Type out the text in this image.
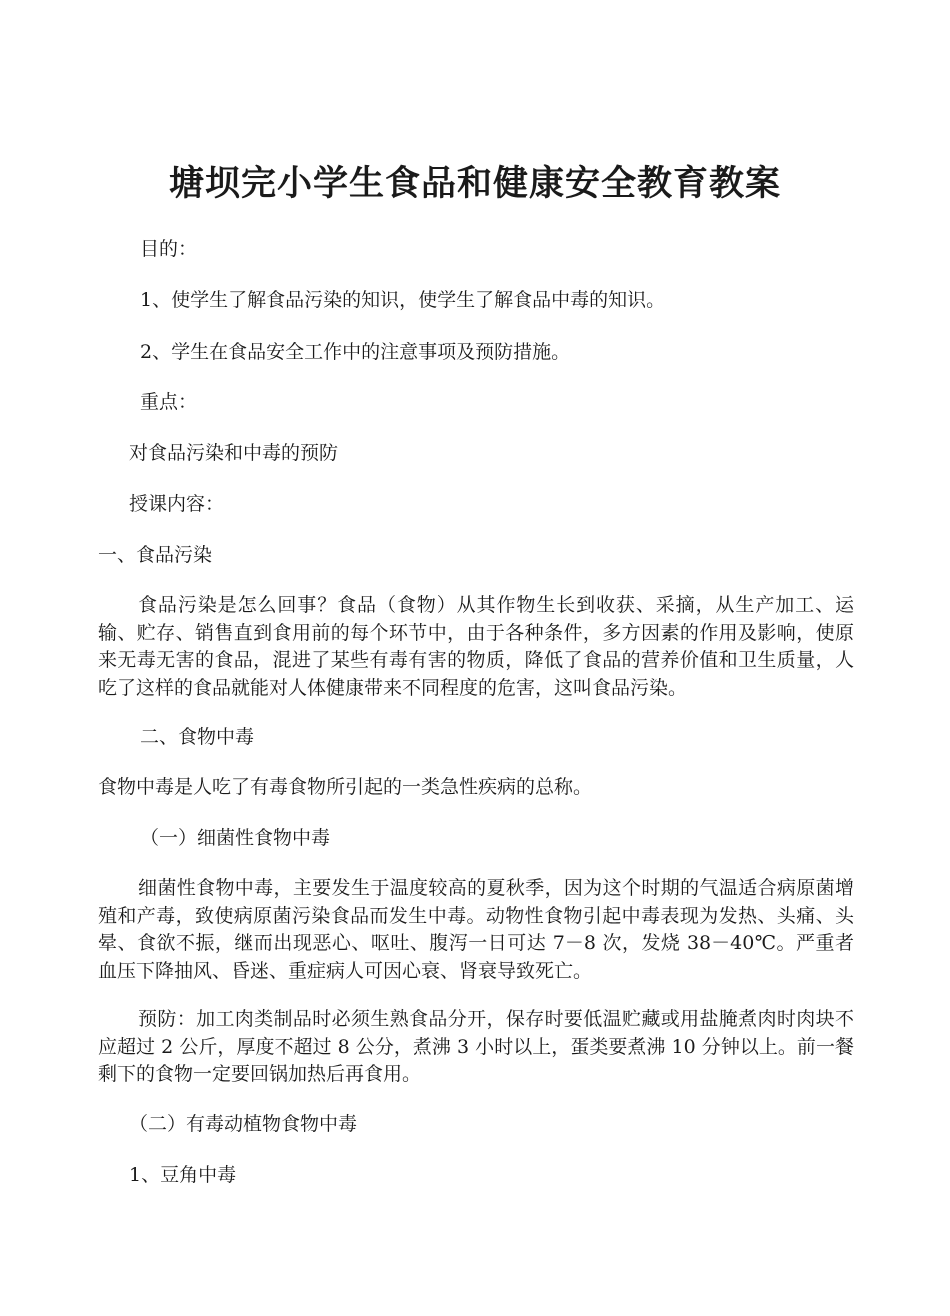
塘坝完小学生食品和健康安全教育教案
目的：
1、使学生了解食品污染的知识，使学生了解食品中毒的知识。
2、学生在食品安全工作中的注意事项及预防措施。
重点：
对食品污染和中毒的预防
授课内容：
一、食品污染
食品污染是怎么回事？食品（食物）从其作物生长到收获、采摘，从生产加工、运输、贮存、销售直到食用前的每个环节中，由于各种条件，多方因素的作用及影响，使原来无毒无害的食品，混进了某些有毒有害的物质，降低了食品的营养价值和卫生质量，人吃了这样的食品就能对人体健康带来不同程度的危害，这叫食品污染。
二、食物中毒
食物中毒是人吃了有毒食物所引起的一类急性疾病的总称。
（一）细菌性食物中毒
细菌性食物中毒，主要发生于温度较高的夏秋季，因为这个时期的气温适合病原菌增殖和产毒，致使病原菌污染食品而发生中毒。动物性食物引起中毒表现为发热、头痛、头晕、食欲不振，继而出现恶心、呕吐、腹泻一日可达 7－8 次，发烧 38－40℃。严重者血压下降抽风、昏迷、重症病人可因心衰、肾衰导致死亡。
预防：加工肉类制品时必须生熟食品分开，保存时要低温贮藏或用盐腌煮肉时肉块不应超过 2 公斤，厚度不超过 8 公分，煮沸 3 小时以上，蛋类要煮沸 10 分钟以上。前一餐剩下的食物一定要回锅加热后再食用。
（二）有毒动植物食物中毒
1、豆角中毒
